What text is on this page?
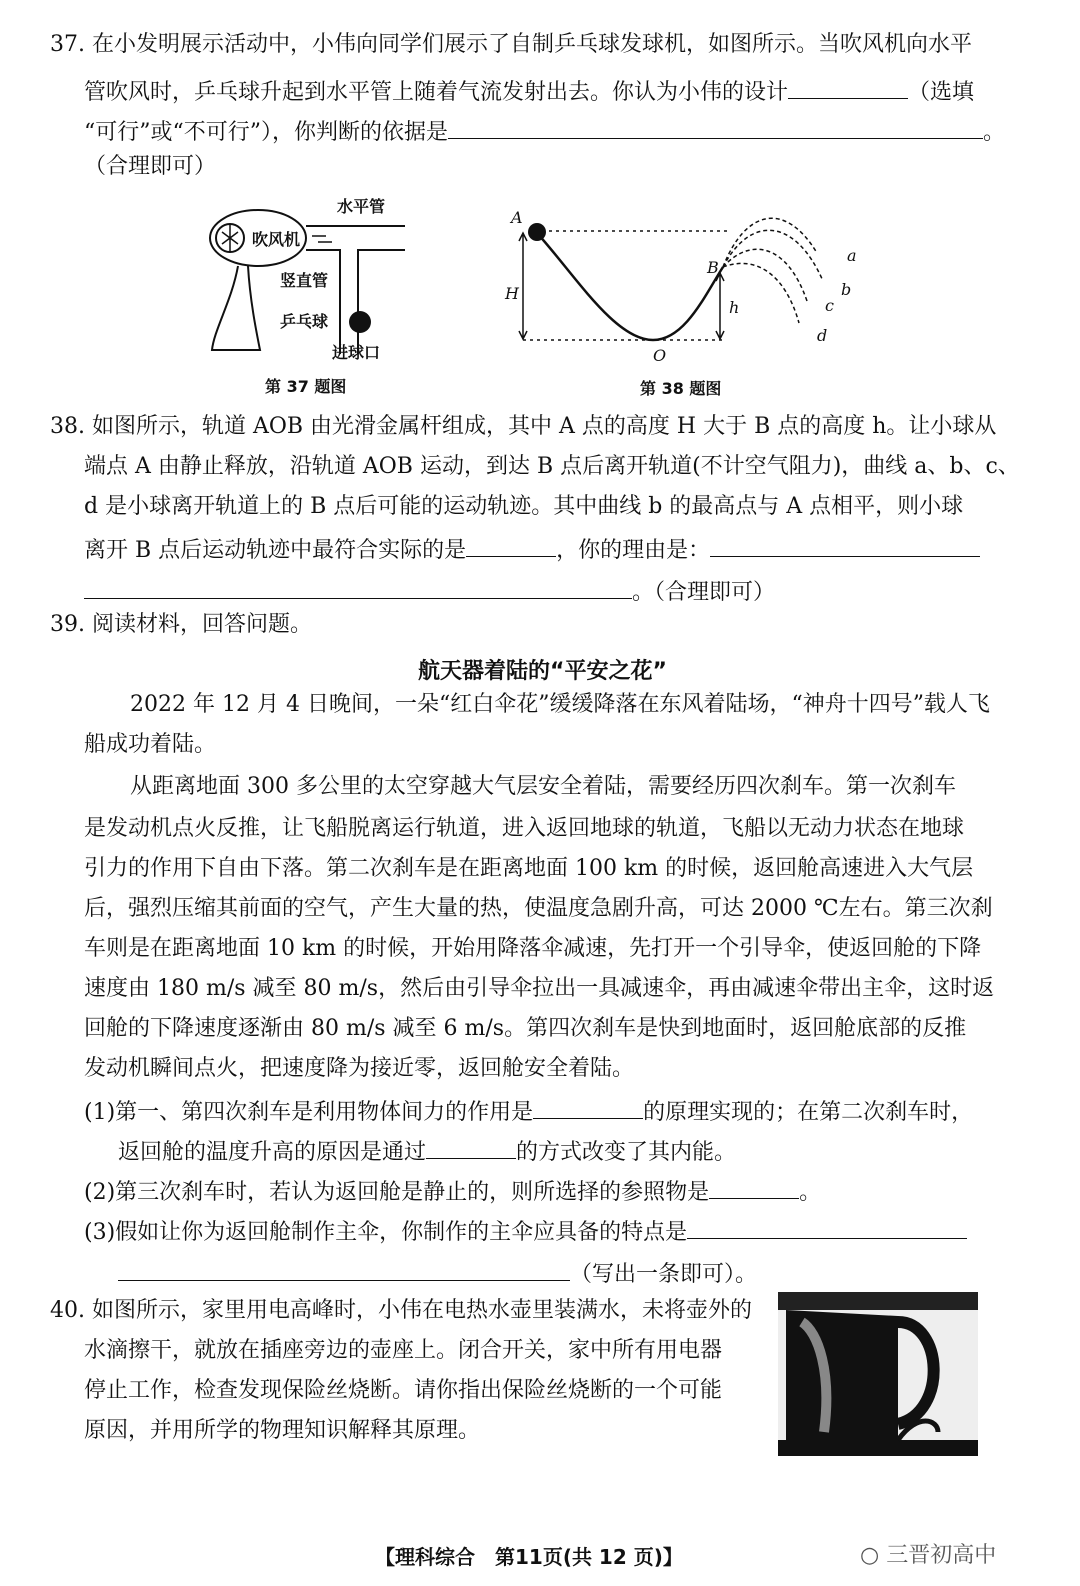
37. 在小发明展示活动中，小伟向同学们展示了自制乒乓球发球机，如图所示。当吹风机向水平
管吹风时，乒乓球升起到水平管上随着气流发射出去。你认为小伟的设计	（选填
“可行”或“不可行”），你判断的依据是	。
（合理即可）
水平管
吹风机
竖直管
乒乓球
进球口
第 37 题图
A
B
H
h
O
a
b
c
d
第 38 题图
38. 如图所示，轨道 AOB 由光滑金属杆组成，其中 A 点的高度 H 大于 B 点的高度 h。让小球从
端点 A 由静止释放，沿轨道 AOB 运动，到达 B 点后离开轨道(不计空气阻力)，曲线 a、b、c、
d 是小球离开轨道上的 B 点后可能的运动轨迹。其中曲线 b 的最高点与 A 点相平，则小球
离开 B 点后运动轨迹中最符合实际的是	，你的理由是：
。（合理即可）
39. 阅读材料，回答问题。
航天器着陆的“平安之花”
2022 年 12 月 4 日晚间，一朵“红白伞花”缓缓降落在东风着陆场，“神舟十四号”载人飞
船成功着陆。
从距离地面 300 多公里的太空穿越大气层安全着陆，需要经历四次刹车。第一次刹车
是发动机点火反推，让飞船脱离运行轨道，进入返回地球的轨道，飞船以无动力状态在地球
引力的作用下自由下落。第二次刹车是在距离地面 100 km 的时候，返回舱高速进入大气层
后，强烈压缩其前面的空气，产生大量的热，使温度急剧升高，可达 2000 ℃左右。第三次刹
车则是在距离地面 10 km 的时候，开始用降落伞减速，先打开一个引导伞，使返回舱的下降
速度由 180 m/s 减至 80 m/s，然后由引导伞拉出一具减速伞，再由减速伞带出主伞，这时返
回舱的下降速度逐渐由 80 m/s 减至 6 m/s。第四次刹车是快到地面时，返回舱底部的反推
发动机瞬间点火，把速度降为接近零，返回舱安全着陆。
(1)第一、第四次刹车是利用物体间力的作用是	的原理实现的；在第二次刹车时，
返回舱的温度升高的原因是通过	的方式改变了其内能。
(2)第三次刹车时，若认为返回舱是静止的，则所选择的参照物是	。
(3)假如让你为返回舱制作主伞，你制作的主伞应具备的特点是
（写出一条即可）。
40. 如图所示，家里用电高峰时，小伟在电热水壶里装满水，未将壶外的
水滴擦干，就放在插座旁边的壶座上。闭合开关，家中所有用电器
停止工作，检查发现保险丝烧断。请你指出保险丝烧断的一个可能
原因，并用所学的物理知识解释其原理。
【理科综合　第11页(共 12 页)】	○ 三晋初高中
